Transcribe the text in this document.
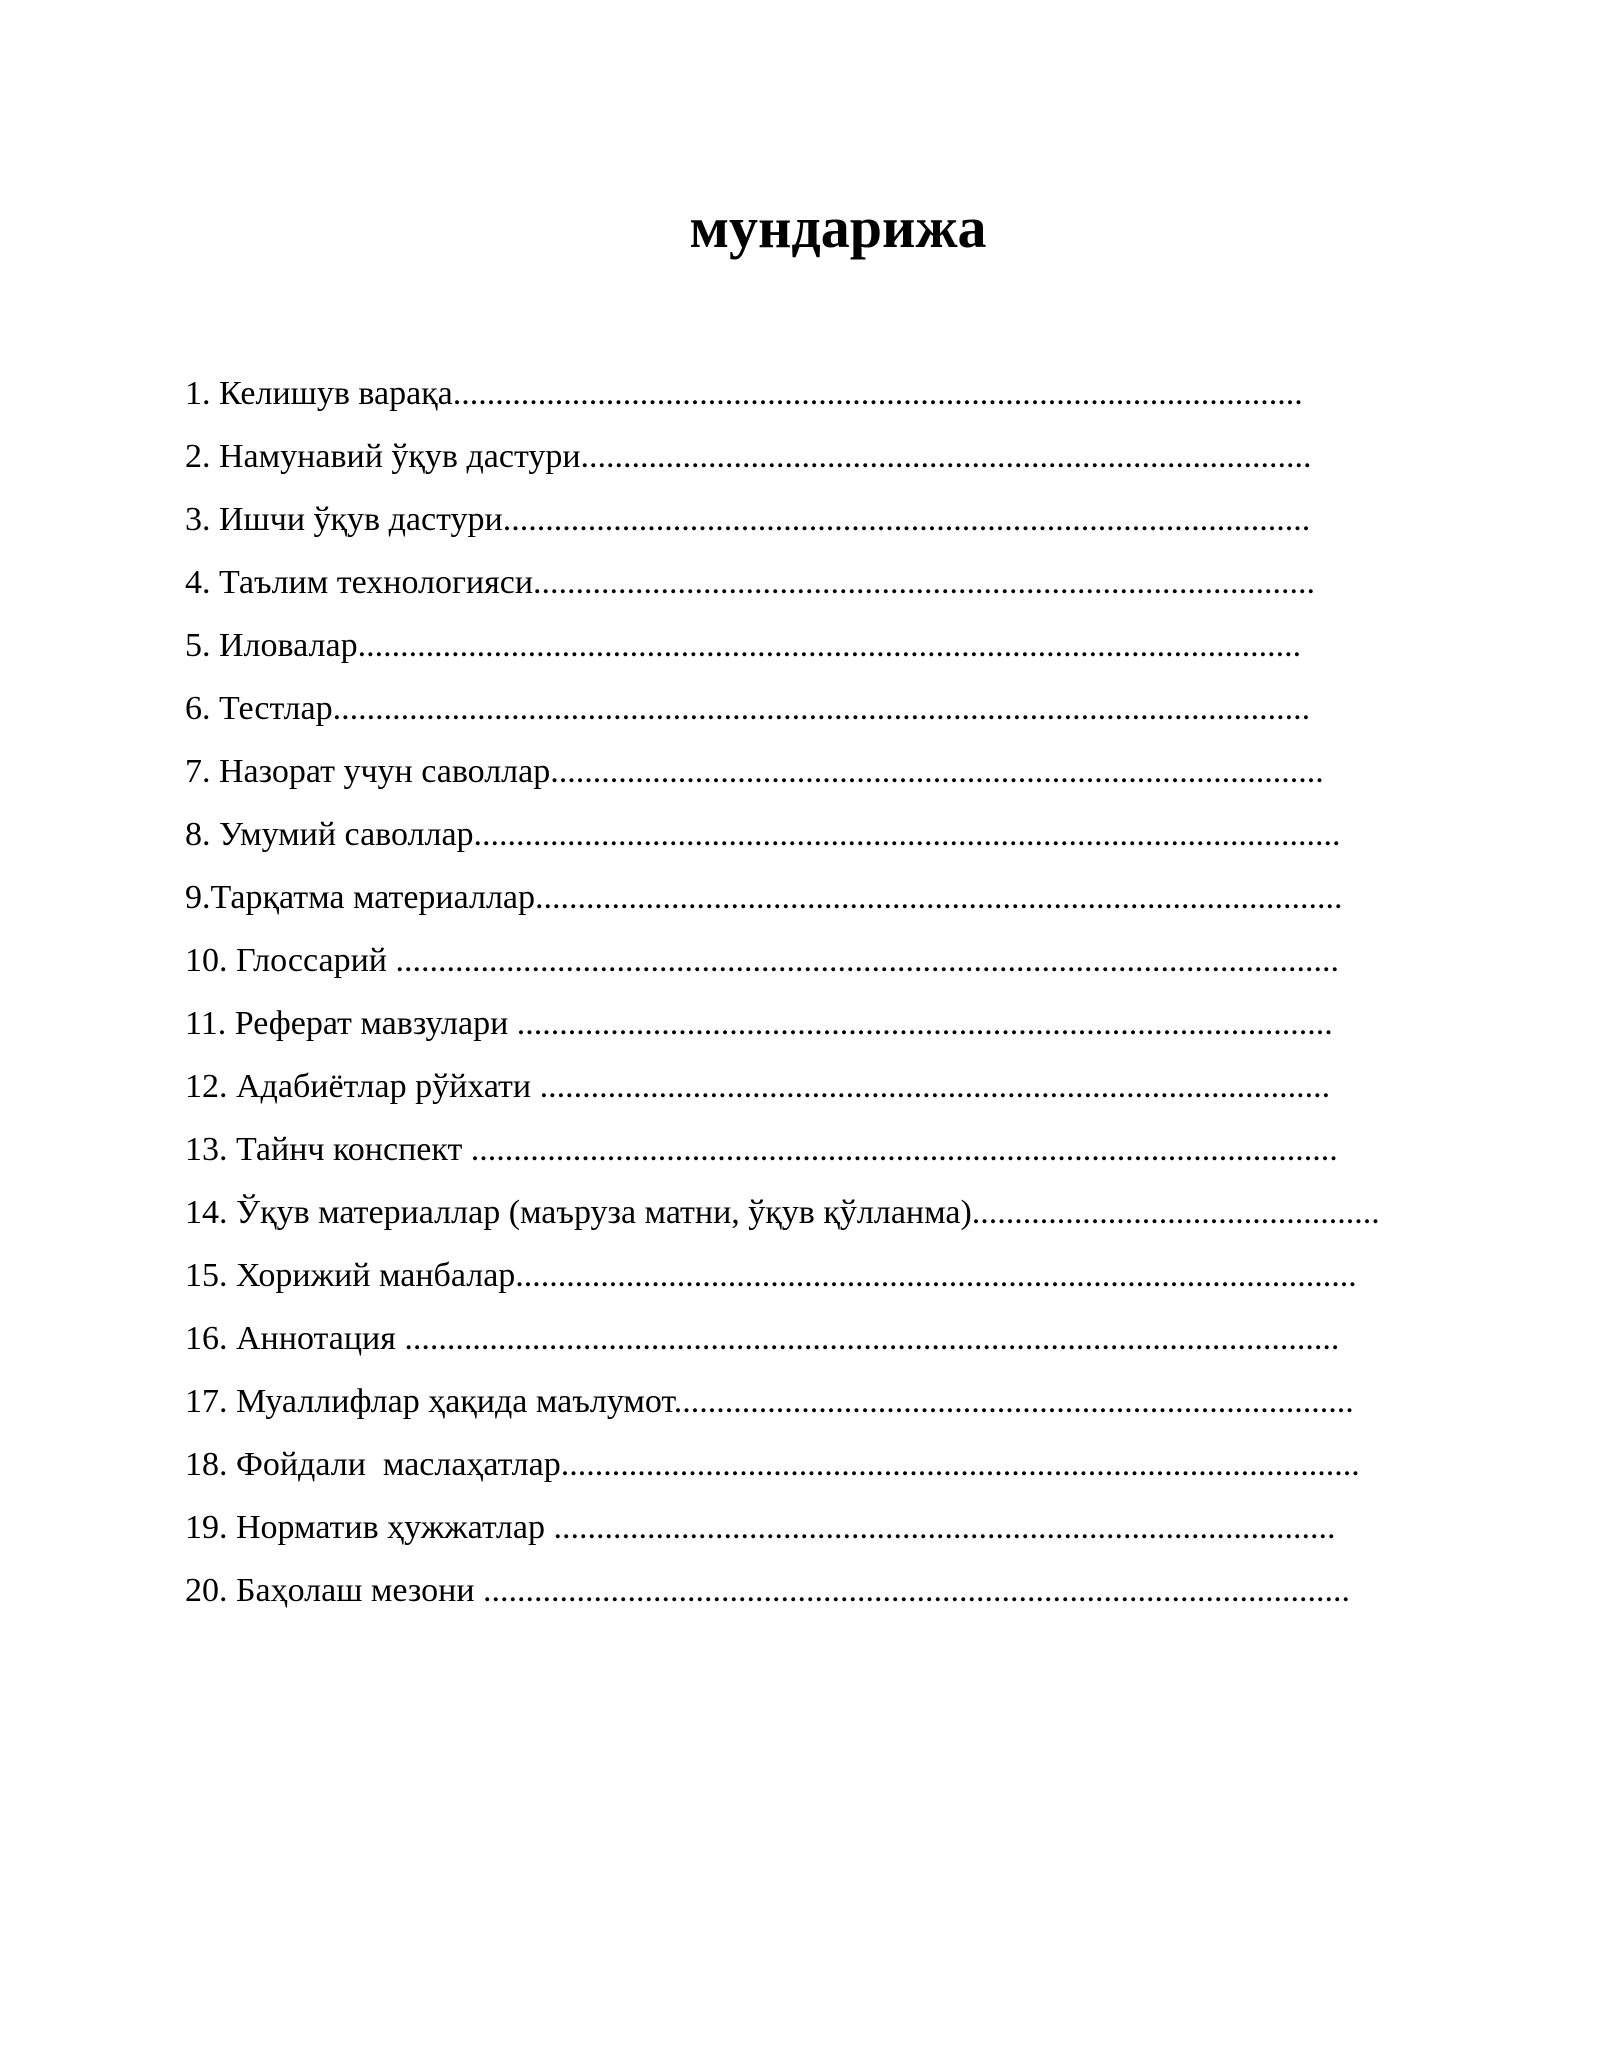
мундарижа
1. Келишув варақа....................................................................................................
2. Намунавий ўқув дастури......................................................................................
3. Ишчи ўқув дастури...............................................................................................
4. Таълим технологияси............................................................................................
5. Иловалар...............................................................................................................
6. Тестлар...................................................................................................................
7. Назорат учун саволлар...........................................................................................
8. Умумий саволлар......................................................................................................
9.Тарқатма материаллар...............................................................................................
10. Глоссарий ...............................................................................................................
11. Реферат мавзулари ................................................................................................
12. Адабиётлар рўйхати .............................................................................................
13. Тайнч конспект ......................................................................................................
14. Ўқув материаллар (маъруза матни, ўқув қўлланма)................................................
15. Хорижий манбалар...................................................................................................
16. Аннотация ..............................................................................................................
17. Муаллифлар ҳақида маълумот................................................................................
18. Фойдали  маслаҳатлар..............................................................................................
19. Норматив ҳужжатлар ............................................................................................
20. Баҳолаш мезони ......................................................................................................
